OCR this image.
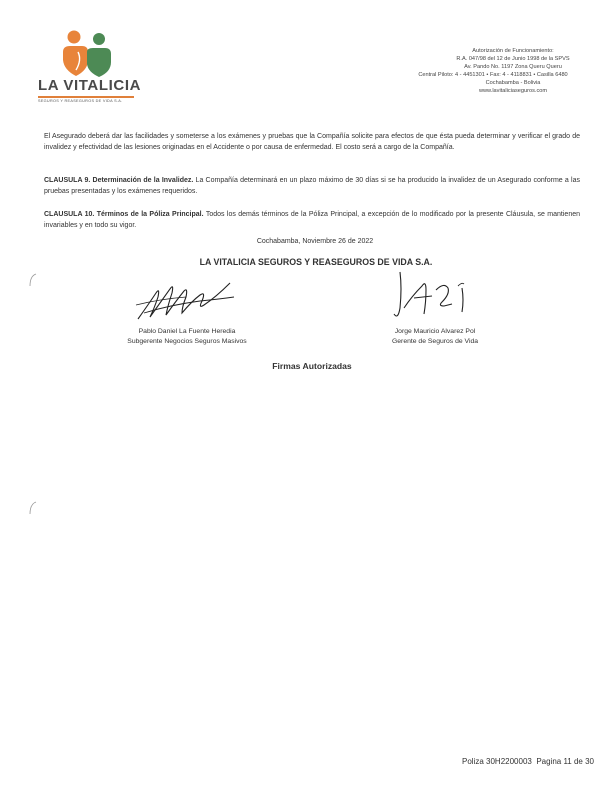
LA VITALICIA
SEGUROS Y REASEGUROS DE VIDA S.A.
Autorización de Funcionamiento:
R.A. 047/98 del 12 de Junio 1998 de la SPVS
Av. Pando No. 1197 Zona Queru Queru
Central Piloto: 4 - 4451301 • Fax: 4 - 4118831 • Casilla 6480
Cochabamba - Bolivia
www.lavitaliciaseguros.com
El Asegurado deberá dar las facilidades y someterse a los exámenes y pruebas que la Compañía solicite para efectos de que ésta pueda determinar y verificar el grado de invalidez y efectividad de las lesiones originadas en el Accidente o por causa de enfermedad. El costo será a cargo de la Compañía.
CLAUSULA 9. Determinación de la Invalidez. La Compañía determinará en un plazo máximo de 30 días si se ha producido la invalidez de un Asegurado conforme a las pruebas presentadas y los exámenes requeridos.
CLAUSULA 10. Términos de la Póliza Principal. Todos los demás términos de la Póliza Principal, a excepción de lo modificado por la presente Cláusula, se mantienen invariables y en todo su vigor.
Cochabamba, Noviembre 26 de 2022
LA VITALICIA SEGUROS Y REASEGUROS DE VIDA S.A.
Pablo Daniel La Fuente Heredia
Subgerente Negocios Seguros Masivos
Jorge Mauricio Alvarez Pol
Gerente de Seguros de Vida
Firmas Autorizadas
Poliza 30H2200003 Pagina 11 de 30
